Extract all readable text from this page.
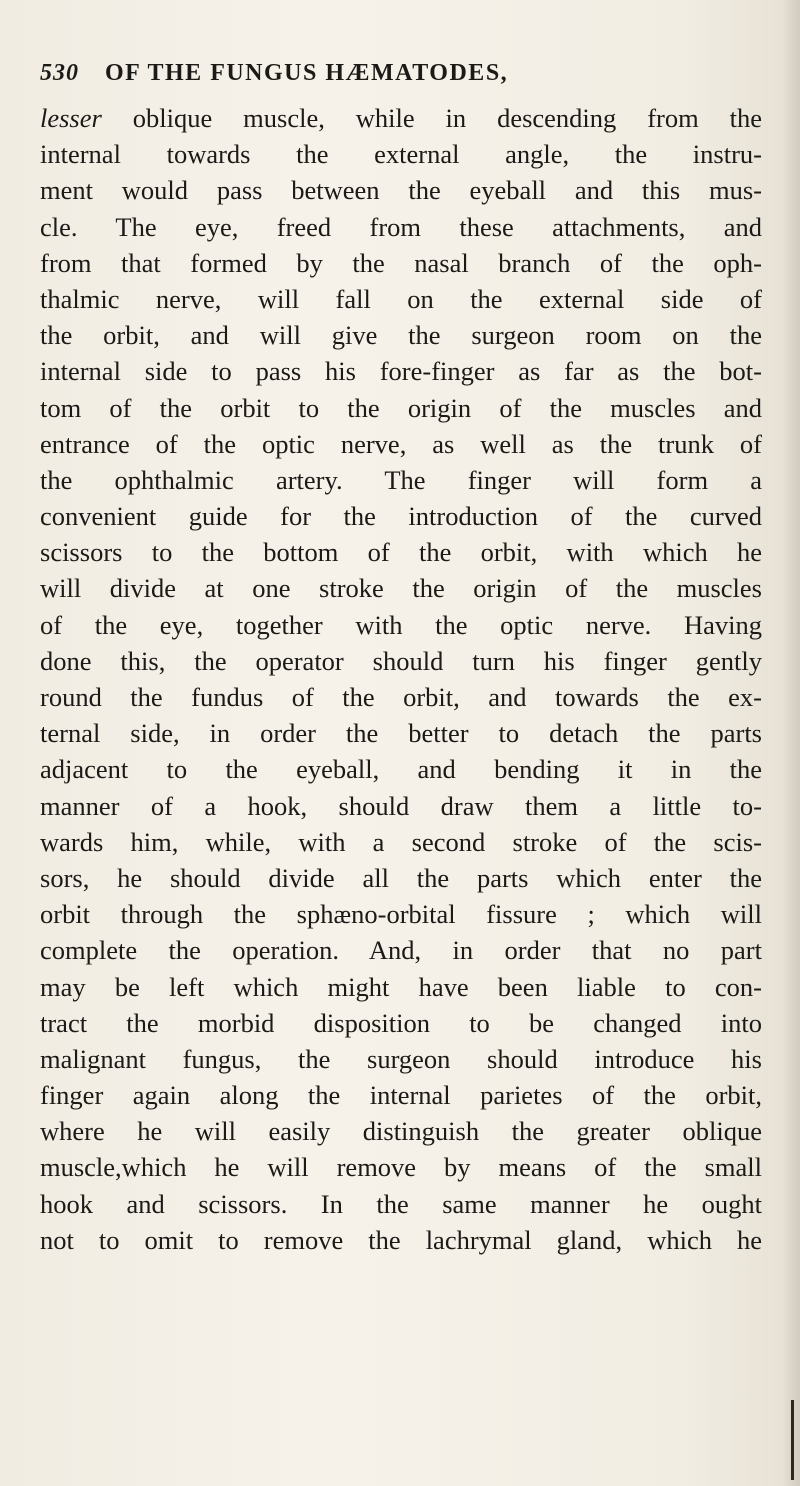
530 OF THE FUNGUS HÆMATODES,
lesser oblique muscle, while in descending from the
internal towards the external angle, the instru-
ment would pass between the eyeball and this mus-
cle. The eye, freed from these attachments, and
from that formed by the nasal branch of the oph-
thalmic nerve, will fall on the external side of
the orbit, and will give the surgeon room on the
internal side to pass his fore-finger as far as the bot-
tom of the orbit to the origin of the muscles and
entrance of the optic nerve, as well as the trunk of
the ophthalmic artery. The finger will form a
convenient guide for the introduction of the curved
scissors to the bottom of the orbit, with which he
will divide at one stroke the origin of the muscles
of the eye, together with the optic nerve. Having
done this, the operator should turn his finger gently
round the fundus of the orbit, and towards the ex-
ternal side, in order the better to detach the parts
adjacent to the eyeball, and bending it in the
manner of a hook, should draw them a little to-
wards him, while, with a second stroke of the scis-
sors, he should divide all the parts which enter the
orbit through the sphæno-orbital fissure ; which will
complete the operation. And, in order that no part
may be left which might have been liable to con-
tract the morbid disposition to be changed into
malignant fungus, the surgeon should introduce his
finger again along the internal parietes of the orbit,
where he will easily distinguish the greater oblique
muscle,which he will remove by means of the small
hook and scissors. In the same manner he ought
not to omit to remove the lachrymal gland, which he
